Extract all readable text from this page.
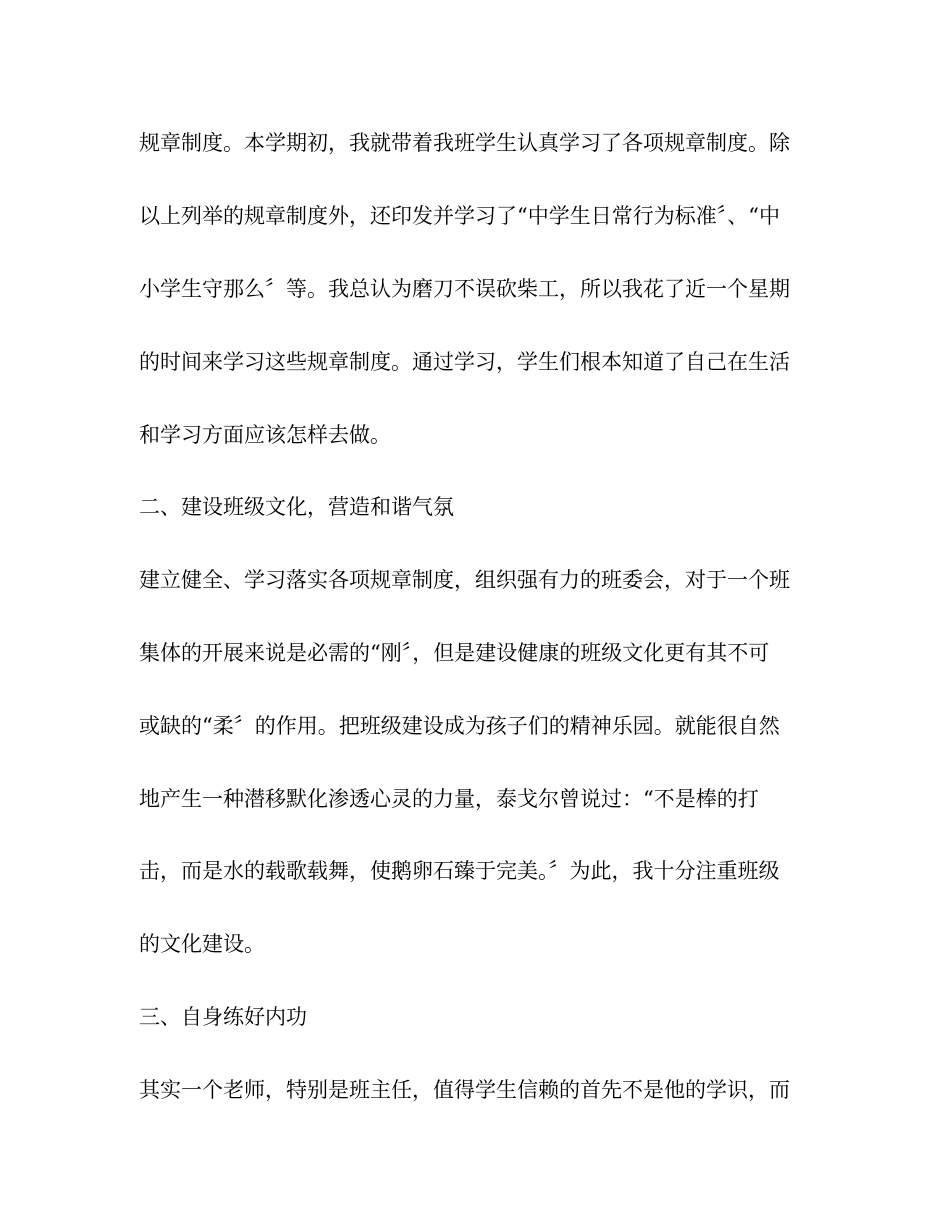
规章制度。本学期初，我就带着我班学生认真学习了各项规章制度。除
以上列举的规章制度外，还印发并学习了“中学生日常行为标准〞、“中
小学生守那么〞等。我总认为磨刀不误砍柴工，所以我花了近一个星期
的时间来学习这些规章制度。通过学习，学生们根本知道了自己在生活
和学习方面应该怎样去做。
二、建设班级文化，营造和谐气氛
建立健全、学习落实各项规章制度，组织强有力的班委会，对于一个班
集体的开展来说是必需的“刚〞，但是建设健康的班级文化更有其不可
或缺的“柔〞的作用。把班级建设成为孩子们的精神乐园。就能很自然
地产生一种潜移默化渗透心灵的力量，泰戈尔曾说过：“不是棒的打
击，而是水的载歌载舞，使鹅卵石臻于完美。〞为此，我十分注重班级
的文化建设。
三、自身练好内功
其实一个老师，特别是班主任，值得学生信赖的首先不是他的学识，而
